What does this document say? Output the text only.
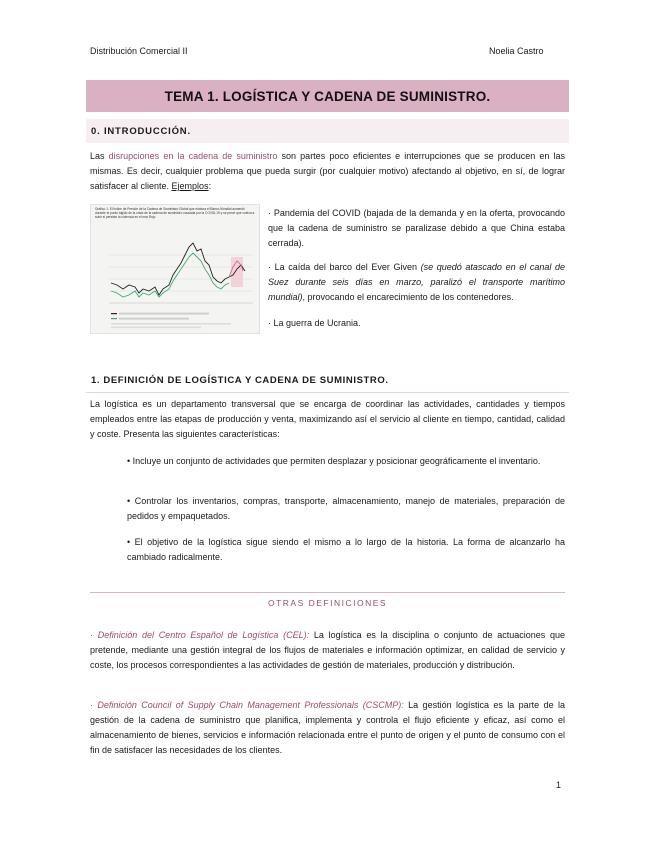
Distribución Comercial II	Noelia Castro
TEMA 1. LOGÍSTICA Y CADENA DE SUMINISTRO.
0. INTRODUCCIÓN.
Las disrupciones en la cadena de suministro son partes poco eficientes e interrupciones que se producen en las mismas. Es decir, cualquier problema que pueda surgir (por cualquier motivo) afectando al objetivo, en sí, de lograr satisfacer al cliente. Ejemplos:
Gráfico 1: El Índice de Presión de la Cadena de Suministro Global que elabora el Banco Mundial aumentó durante el punto álgido de la crisis de la cadena de suministro causada por la COVID-19 y se prevé que vuelva a subir si persiste la violencia en el mar Rojo	· Pandemia del COVID (bajada de la demanda y en la oferta, provocando que la cadena de suministro se paralizase debido a que China estaba cerrada).
· La caída del barco del Ever Given (se quedó atascado en el canal de Suez durante seis días en marzo, paralizó el transporte marítimo mundial), provocando el encarecimiento de los contenedores.
· La guerra de Ucrania.
1. DEFINICIÓN DE LOGÍSTICA Y CADENA DE SUMINISTRO.
La logística es un departamento transversal que se encarga de coordinar las actividades, cantidades y tiempos empleados entre las etapas de producción y venta, maximizando así el servicio al cliente en tiempo, cantidad, calidad y coste. Presenta las siguientes características:
• Incluye un conjunto de actividades que permiten desplazar y posicionar geográficamente el inventario.
• Controlar los inventarios, compras, transporte, almacenamiento, manejo de materiales, preparación de pedidos y empaquetados.
• El objetivo de la logística sigue siendo el mismo a lo largo de la historia. La forma de alcanzarlo ha cambiado radicalmente.
OTRAS DEFINICIONES
· Definición del Centro Español de Logística (CEL): La logística es la disciplina o conjunto de actuaciones que pretende, mediante una gestión integral de los flujos de materiales e información optimizar, en calidad de servicio y coste, los procesos correspondientes a las actividades de gestión de materiales, producción y distribución.
· Definición Council of Supply Chain Management Professionals (CSCMP): La gestión logística es la parte de la gestión de la cadena de suministro que planifica, implementa y controla el flujo eficiente y eficaz, así como el almacenamiento de bienes, servicios e información relacionada entre el punto de origen y el punto de consumo con el fin de satisfacer las necesidades de los clientes.
1
